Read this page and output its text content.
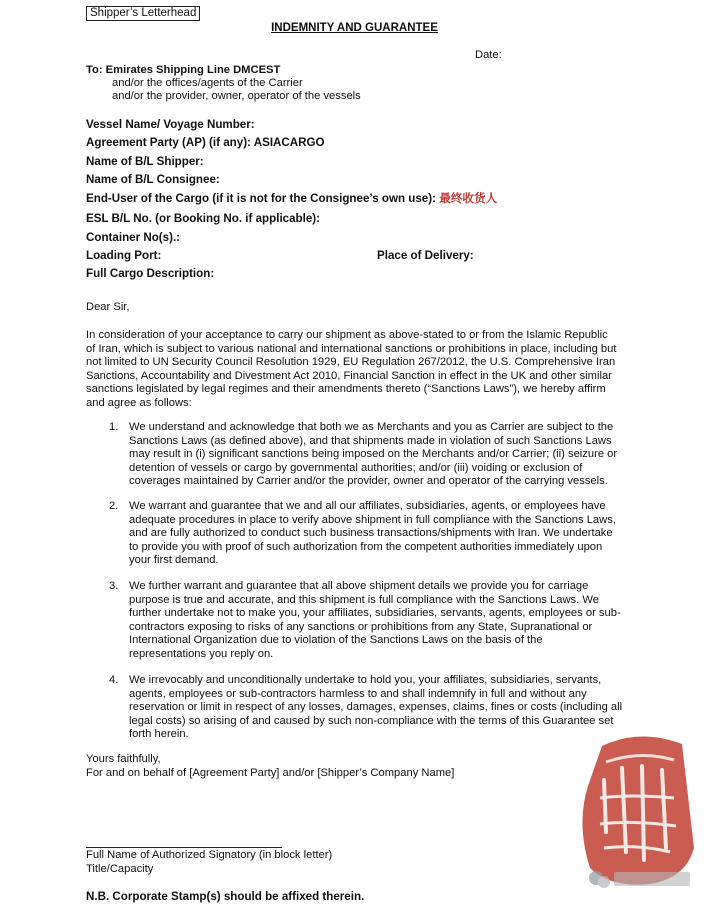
Shipper’s Letterhead
INDEMNITY AND GUARANTEE
Date:
To: Emirates Shipping Line DMCEST
and/or the offices/agents of the Carrier
and/or the provider, owner, operator of the vessels
Vessel Name/ Voyage Number:
Agreement Party (AP) (if any): ASIACARGO
Name of B/L Shipper:
Name of B/L Consignee:
End-User of the Cargo (if it is not for the Consignee’s own use): 最终收货人
ESL B/L No. (or Booking No. if applicable):
Container No(s).:
Loading Port:	Place of Delivery:
Full Cargo Description:
Dear Sir,
In consideration of your acceptance to carry our shipment as above-stated to or from the Islamic Republic
of Iran, which is subject to various national and international sanctions or prohibitions in place, including but
not limited to UN Security Council Resolution 1929, EU Regulation 267/2012, the U.S. Comprehensive Iran
Sanctions, Accountability and Divestment Act 2010, Financial Sanction in effect in the UK and other similar
sanctions legislated by legal regimes and their amendments thereto (“Sanctions Laws”), we hereby affirm
and agree as follows:
1. We understand and acknowledge that both we as Merchants and you as Carrier are subject to the
Sanctions Laws (as defined above), and that shipments made in violation of such Sanctions Laws
may result in (i) significant sanctions being imposed on the Merchants and/or Carrier; (ii) seizure or
detention of vessels or cargo by governmental authorities; and/or (iii) voiding or exclusion of
coverages maintained by Carrier and/or the provider, owner and operator of the carrying vessels.
2. We warrant and guarantee that we and all our affiliates, subsidiaries, agents, or employees have
adequate procedures in place to verify above shipment in full compliance with the Sanctions Laws,
and are fully authorized to conduct such business transactions/shipments with Iran. We undertake
to provide you with proof of such authorization from the competent authorities immediately upon
your first demand.
3. We further warrant and guarantee that all above shipment details we provide you for carriage
purpose is true and accurate, and this shipment is full compliance with the Sanctions Laws. We
further undertake not to make you, your affiliates, subsidiaries, servants, agents, employees or sub-
contractors exposing to risks of any sanctions or prohibitions from any State, Supranational or
International Organization due to violation of the Sanctions Laws on the basis of the
representations you reply on.
4. We irrevocably and unconditionally undertake to hold you, your affiliates, subsidiaries, servants,
agents, employees or sub-contractors harmless to and shall indemnify in full and without any
reservation or limit in respect of any losses, damages, expenses, claims, fines or costs (including all
legal costs) so arising of and caused by such non-compliance with the terms of this Guarantee set
forth herein.
Yours faithfully,
For and on behalf of [Agreement Party] and/or [Shipper’s Company Name]
Full Name of Authorized Signatory (in block letter)
Title/Capacity
N.B. Corporate Stamp(s) should be affixed therein.
